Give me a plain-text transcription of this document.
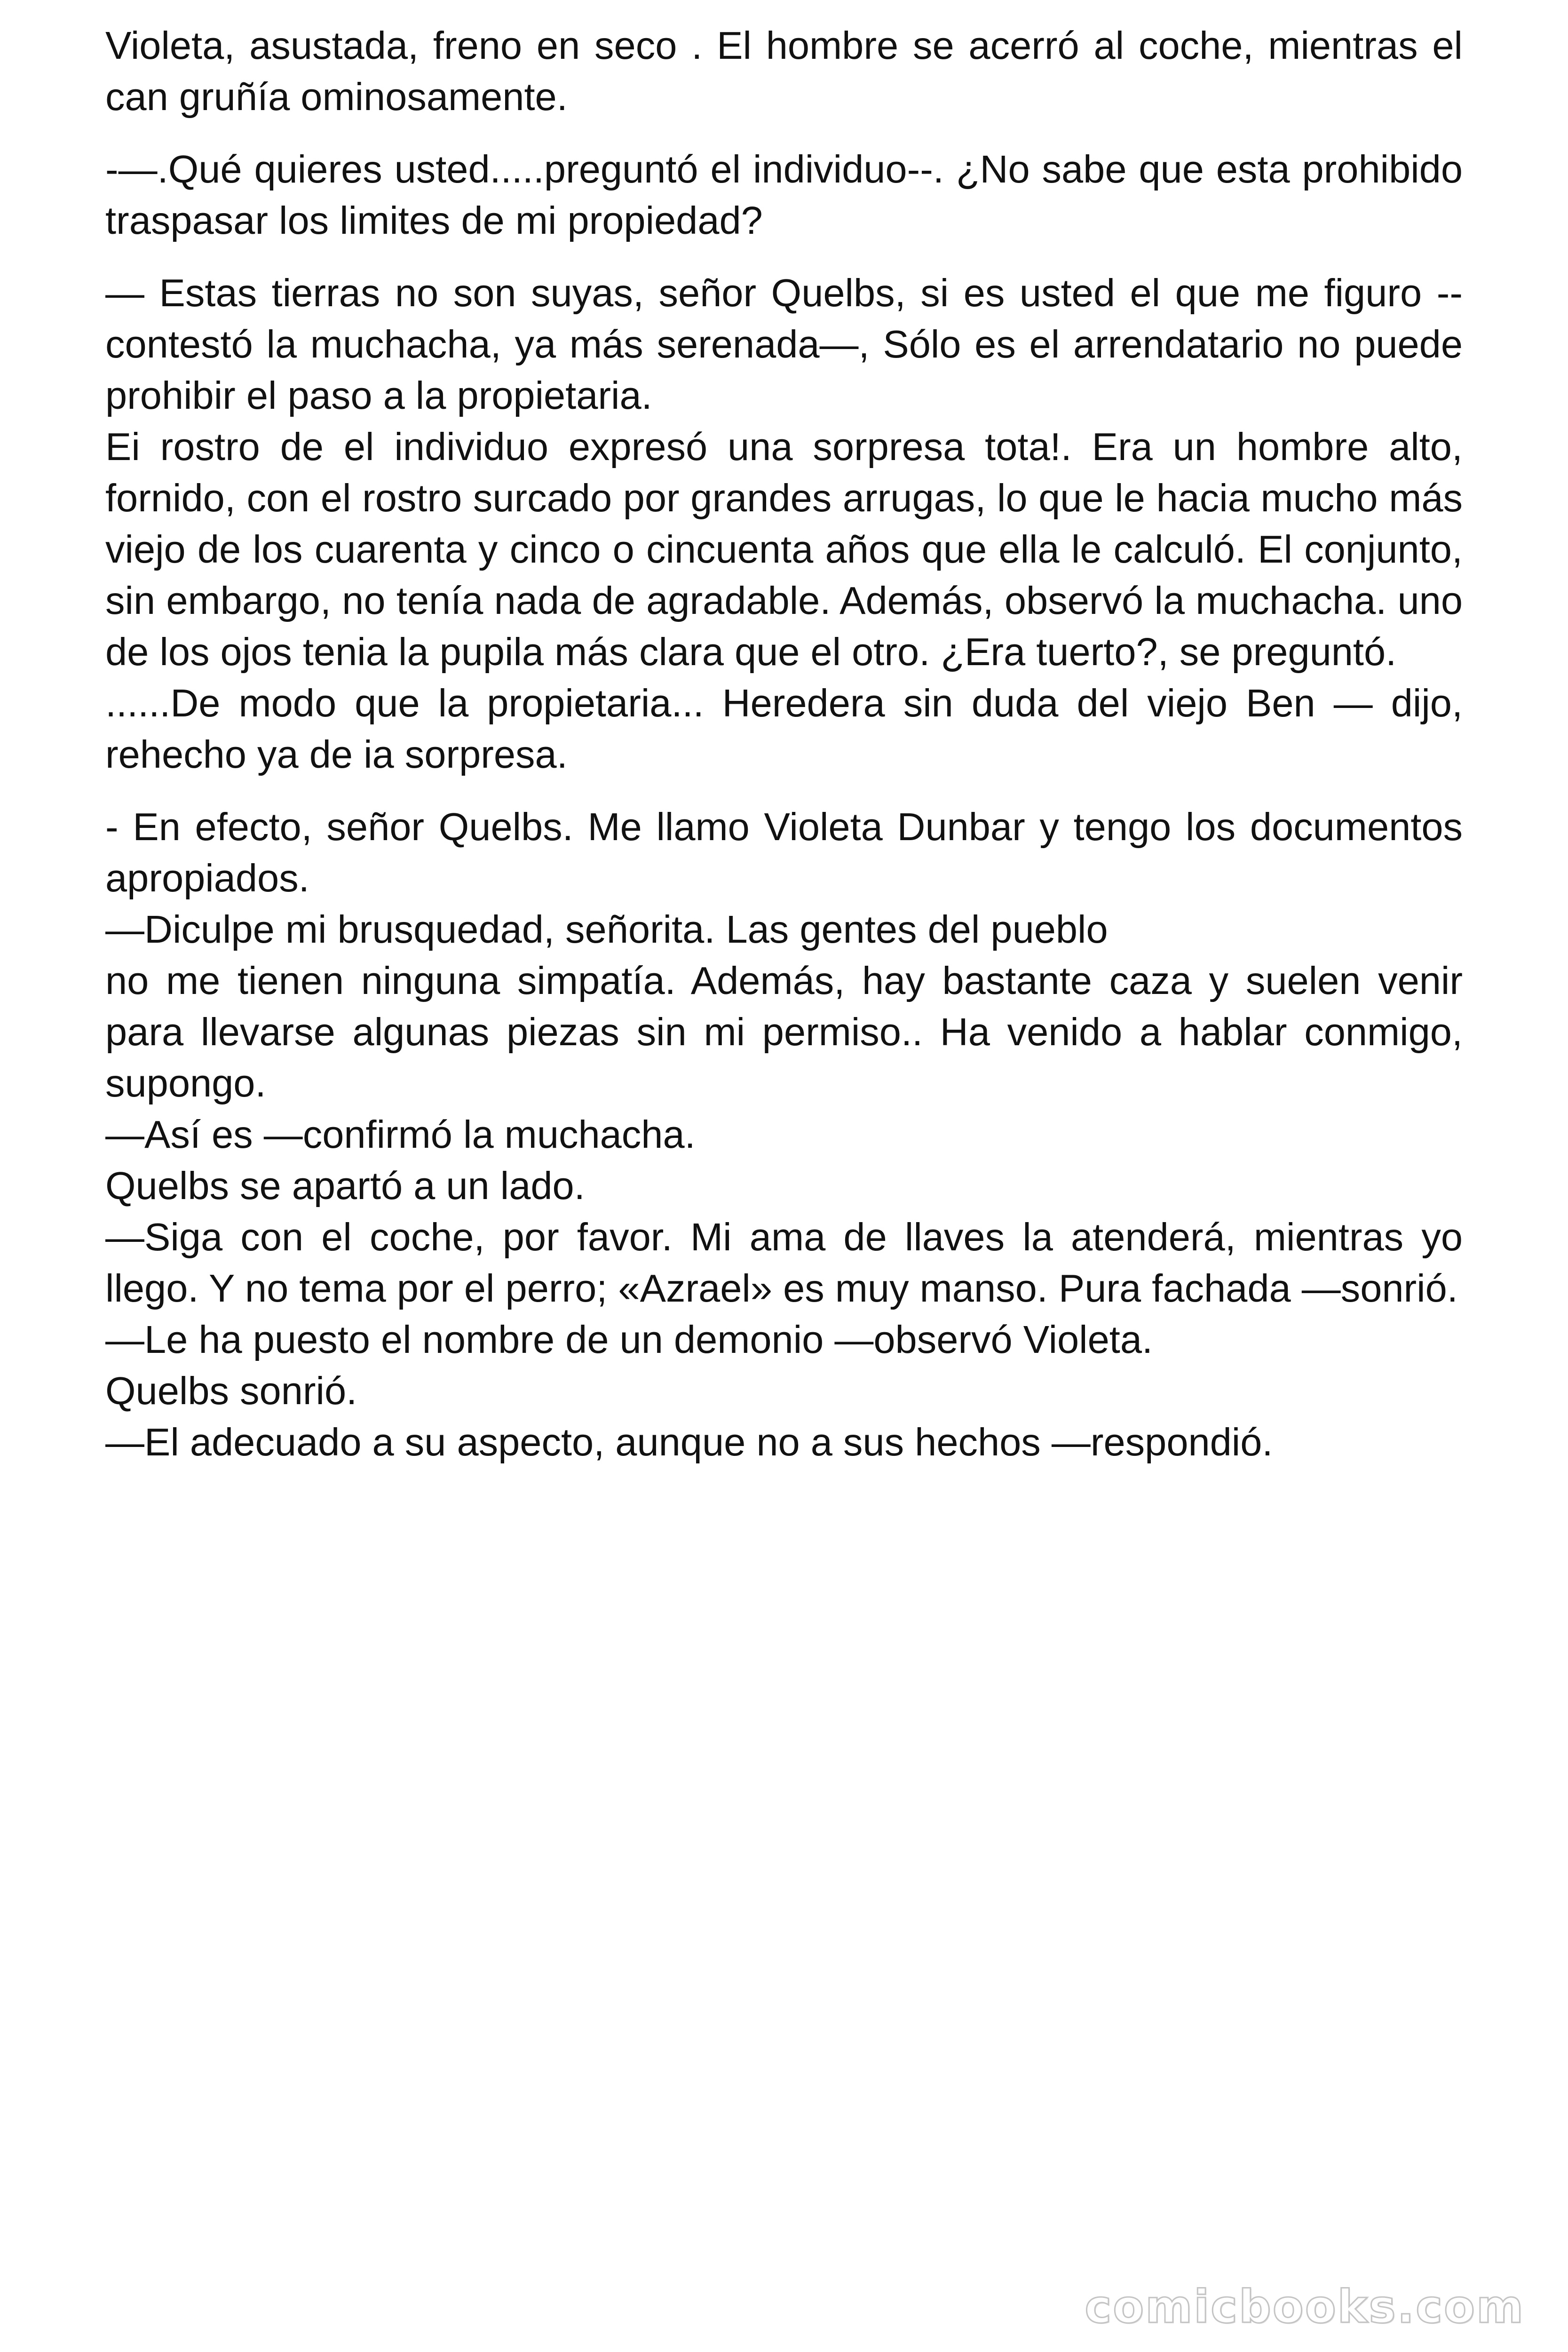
Violeta, asustada, freno en seco . El hombre se acerró al coche, mientras el can gruñía ominosamente.

-—.Qué quieres usted.....preguntó el individuo--. ¿No sabe que esta prohibido traspasar los limites de mi propiedad?

— Estas tierras no son suyas, señor Quelbs, si es usted el que me figuro --contestó la muchacha, ya más serenada—, Sólo es el arrendatario no puede prohibir el paso a la propietaria.

Ei rostro de el individuo expresó una sorpresa tota!. Era un hombre alto, fornido, con el rostro surcado por grandes arrugas, lo que le hacia mucho más viejo de los cuarenta y cinco o cincuenta años que ella le calculó. El conjunto, sin embargo, no tenía nada de agradable. Además, observó la muchacha. uno de los ojos tenia la pupila más clara que el otro. ¿Era tuerto?, se preguntó.

......De modo que la propietaria... Heredera sin duda del viejo Ben — dijo, rehecho ya de ia sorpresa.

- En efecto, señor Quelbs. Me llamo Violeta Dunbar y tengo los documentos apropiados.

—Diculpe mi brusquedad, señorita. Las gentes del pueblo

no me tienen ninguna simpatía. Además, hay bastante caza y suelen venir para llevarse algunas piezas sin mi permiso.. Ha venido a hablar conmigo, supongo.

—Así es —confirmó la muchacha.

Quelbs se apartó a un lado.

—Siga con el coche, por favor. Mi ama de llaves la atenderá, mientras yo llego. Y no tema por el perro; «Azrael» es muy manso. Pura fachada —sonrió.

—Le ha puesto el nombre de un demonio —observó Violeta.

Quelbs sonrió.

—El adecuado a su aspecto, aunque no a sus hechos —respondió.

comicbooks.com
